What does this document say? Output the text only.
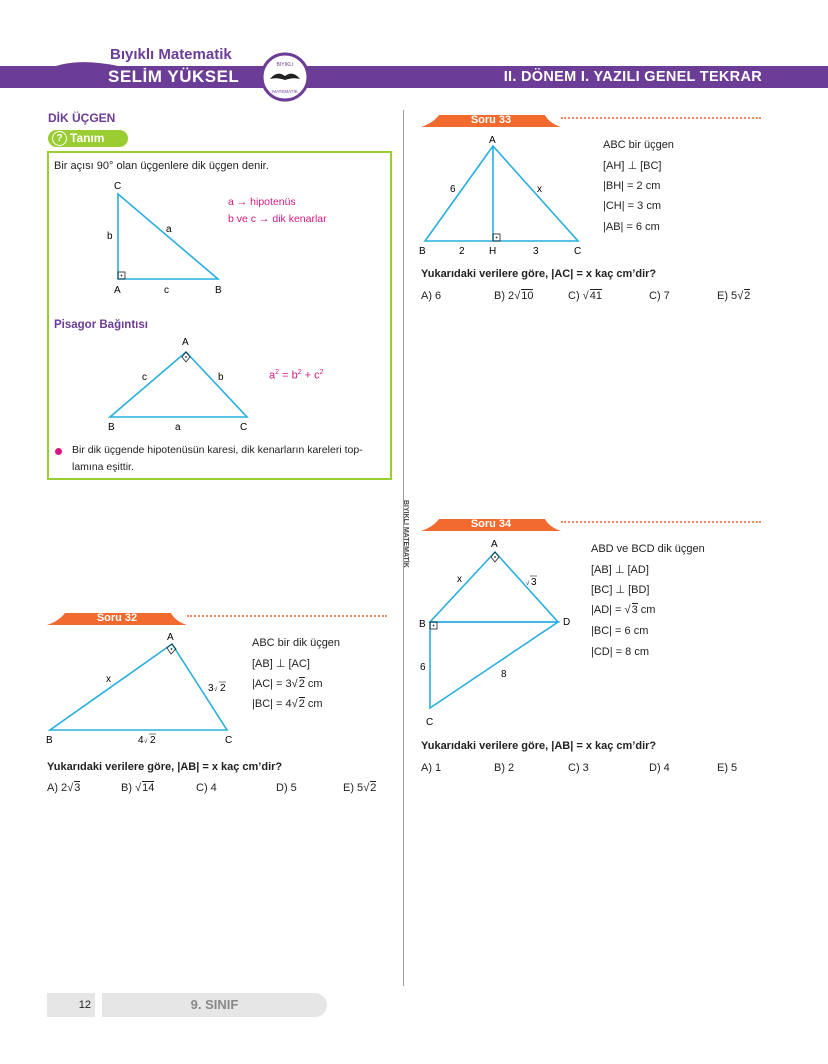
Bıyıklı Matematik
SELİM YÜKSEL
BIYIKLI
MATEMATİK
II. DÖNEM I. YAZILI GENEL TEKRAR
DİK ÜÇGEN
? Tanım
Bir açısı 90° olan üçgenlere dik üçgen denir.
C
A	B
b
c
a
a → hipotenüs
b ve c → dik kenarlar
Pisagor Bağıntısı
A
B	C
c	b
a
$a^2 = b^2 + c^2$
Bir dik üçgende hipotenüsün karesi, dik kenarların kareleri top-
lamına eşittir.
Soru 32
A
B	C
x
3 √ 2
4 √ 2
ABC bir dik üçgen
[AB] ⊥ [AC]
|AC| = 3√2 cm
|BC| = 4√2 cm
Yukarıdaki verilere göre, |AB| = x kaç cm’dir?
A) 2√3	B) √14	C) 4	D) 5	E) 5√2
BIYIKLI MATEMATİK
Soru 33
A
B	C
H
6	x
2	3
ABC bir üçgen
[AH] ⊥ [BC]
|BH| = 2 cm
|CH| = 3 cm
|AB| = 6 cm
Yukarıdaki verilere göre, |AC| = x kaç cm’dir?
A) 6	B) 2√10	C) √41	C) 7	E) 5√2
Soru 34
A
B	D
C
x	√ 3
6
8
ABD ve BCD dik üçgen
[AB] ⊥ [AD]
[BC] ⊥ [BD]
|AD| = √3 cm
|BC| = 6 cm
|CD| = 8 cm
Yukarıdaki verilere göre, |AB| = x kaç cm’dir?
A) 1	B) 2	C) 3	D) 4	E) 5
12	9. SINIF
